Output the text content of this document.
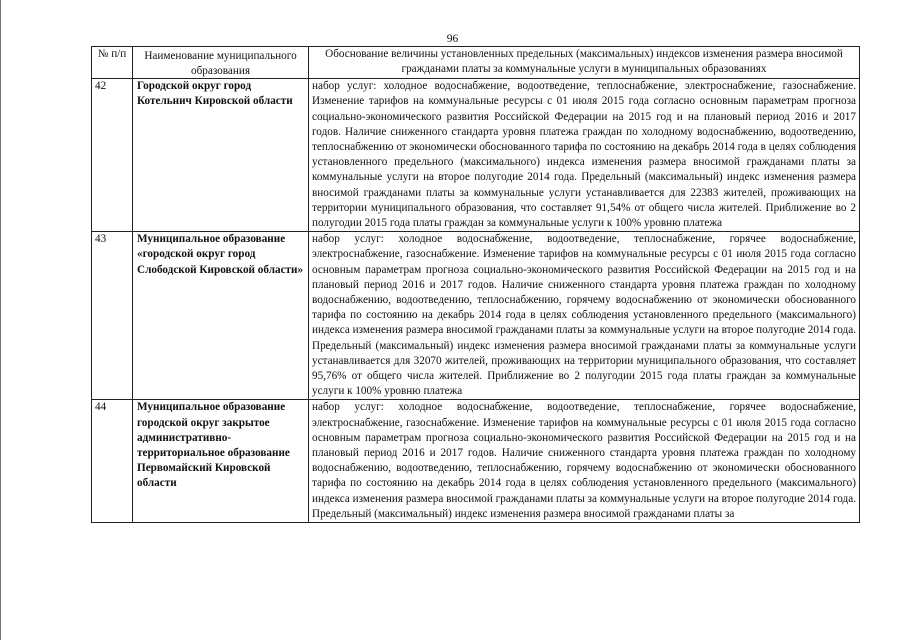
96
№ п/п	Наименование муниципального образования	Обоснование величины установленных предельных (максимальных) индексов изменения размера вносимой гражданами платы за коммунальные услуги в муниципальных образованиях
42	Городской округ город Котельнич Кировской области	набор услуг: холодное водоснабжение, водоотведение, теплоснабжение, электроснабжение, газоснабжение. Изменение тарифов на коммунальные ресурсы с 01 июля 2015 года согласно основным параметрам прогноза социально-экономического развития Российской Федерации на 2015 год и на плановый период 2016 и 2017 годов. Наличие сниженного стандарта уровня платежа граждан по холодному водоснабжению, водоотведению, теплоснабжению от экономически обоснованного тарифа по состоянию на декабрь 2014 года в целях соблюдения установленного предельного (максимального) индекса изменения размера вносимой гражданами платы за коммунальные услуги на второе полугодие 2014 года. Предельный (максимальный) индекс изменения размера вносимой гражданами платы за коммунальные услуги устанавливается для 22383 жителей, проживающих на территории муниципального образования, что составляет 91,54% от общего числа жителей. Приближение во 2 полугодии 2015 года платы граждан за коммунальные услуги к 100% уровню платежа
43	Муниципальное образование «городской округ город Слободской Кировской области»	набор услуг: холодное водоснабжение, водоотведение, теплоснабжение, горячее водоснабжение, электроснабжение, газоснабжение. Изменение тарифов на коммунальные ресурсы с 01 июля 2015 года согласно основным параметрам прогноза социально-экономического развития Российской Федерации на 2015 год и на плановый период 2016 и 2017 годов. Наличие сниженного стандарта уровня платежа граждан по холодному водоснабжению, водоотведению, теплоснабжению, горячему водоснабжению от экономически обоснованного тарифа по состоянию на декабрь 2014 года в целях соблюдения установленного предельного (максимального) индекса изменения размера вносимой гражданами платы за коммунальные услуги на второе полугодие 2014 года. Предельный (максимальный) индекс изменения размера вносимой гражданами платы за коммунальные услуги устанавливается для 32070 жителей, проживающих на территории муниципального образования, что составляет 95,76% от общего числа жителей. Приближение во 2 полугодии 2015 года платы граждан за коммунальные услуги к 100% уровню платежа
44	Муниципальное образование городской округ закрытое административно-территориальное образование Первомайский Кировской области	набор услуг: холодное водоснабжение, водоотведение, теплоснабжение, горячее водоснабжение, электроснабжение, газоснабжение. Изменение тарифов на коммунальные ресурсы с 01 июля 2015 года согласно основным параметрам прогноза социально-экономического развития Российской Федерации на 2015 год и на плановый период 2016 и 2017 годов. Наличие сниженного стандарта уровня платежа граждан по холодному водоснабжению, водоотведению, теплоснабжению, горячему водоснабжению от экономически обоснованного тарифа по состоянию на декабрь 2014 года в целях соблюдения установленного предельного (максимального) индекса изменения размера вносимой гражданами платы за коммунальные услуги на второе полугодие 2014 года. Предельный (максимальный) индекс изменения размера вносимой гражданами платы за
